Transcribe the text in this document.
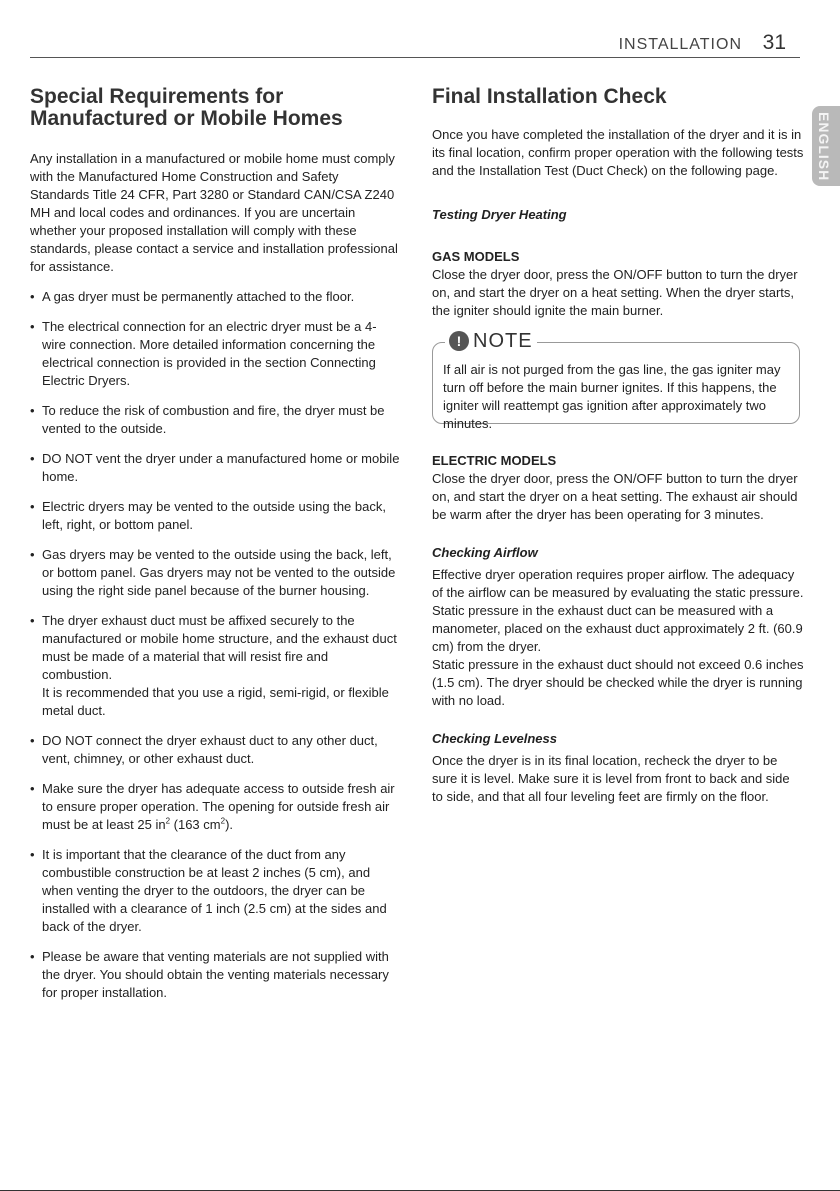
INSTALLATION 31
ENGLISH
Special Requirements for
Manufactured or Mobile Homes

Any installation in a manufactured or mobile home must comply with the Manufactured Home Construction and Safety Standards Title 24 CFR, Part 3280 or Standard CAN/CSA Z240 MH and local codes and ordinances. If you are uncertain whether your proposed installation will comply with these standards, please contact a service and installation professional for assistance.

• A gas dryer must be permanently attached to the floor.
• The electrical connection for an electric dryer must be a 4-wire connection. More detailed information concerning the electrical connection is provided in the section Connecting Electric Dryers.
• To reduce the risk of combustion and fire, the dryer must be vented to the outside.
• DO NOT vent the dryer under a manufactured home or mobile home.
• Electric dryers may be vented to the outside using the back, left, right, or bottom panel.
• Gas dryers may be vented to the outside using the back, left, or bottom panel. Gas dryers may not be vented to the outside using the right side panel because of the burner housing.
• The dryer exhaust duct must be affixed securely to the manufactured or mobile home structure, and the exhaust duct must be made of a material that will resist fire and combustion.
It is recommended that you use a rigid, semi-rigid, or flexible metal duct.
• DO NOT connect the dryer exhaust duct to any other duct, vent, chimney, or other exhaust duct.
• Make sure the dryer has adequate access to outside fresh air to ensure proper operation. The opening for outside fresh air must be at least 25 $in^2$ (163 $cm^2$).
• It is important that the clearance of the duct from any combustible construction be at least 2 inches (5 cm), and when venting the dryer to the outdoors, the dryer can be installed with a clearance of 1 inch (2.5 cm) at the sides and back of the dryer.
• Please be aware that venting materials are not supplied with the dryer. You should obtain the venting materials necessary for proper installation.
Final Installation Check

Once you have completed the installation of the dryer and it is in its final location, confirm proper operation with the following tests and the Installation Test (Duct Check) on the following page.

Testing Dryer Heating
GAS MODELS

Close the dryer door, press the ON/OFF button to turn the dryer on, and start the dryer on a heat setting. When the dryer starts, the igniter should ignite the main burner.

! NOTE

If all air is not purged from the gas line, the gas igniter may turn off before the main burner ignites. If this happens, the igniter will reattempt gas ignition after approximately two minutes.

ELECTRIC MODELS

Close the dryer door, press the ON/OFF button to turn the dryer on, and start the dryer on a heat setting. The exhaust air should be warm after the dryer has been operating for 3 minutes.

Checking Airflow

Effective dryer operation requires proper airflow. The adequacy of the airflow can be measured by evaluating the static pressure. Static pressure in the exhaust duct can be measured with a manometer, placed on the exhaust duct approximately 2 ft. (60.9 cm) from the dryer.

Static pressure in the exhaust duct should not exceed 0.6 inches (1.5 cm). The dryer should be checked while the dryer is running with no load.

Checking Levelness

Once the dryer is in its final location, recheck the dryer to be sure it is level. Make sure it is level from front to back and side to side, and that all four leveling feet are firmly on the floor.
